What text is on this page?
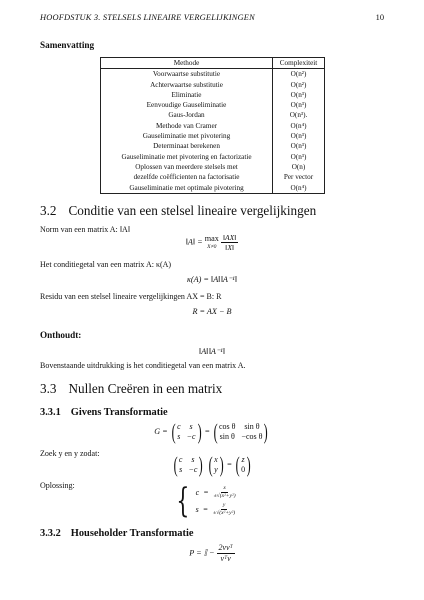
HOOFDSTUK 3. STELSELS LINEAIRE VERGELIJKINGEN	10
Samenvatting
Methode	Complexiteit
Voorwaartse substitutie	O(n²)
Achterwaartse substitutie	O(n²)
Eliminatie	O(n³)
Eenvoudige Gauseliminatie	O(n³)
Gaus-Jordan	O(n³).
Methode van Cramer	O(n⁴)
Gauseliminatie met pivotering	O(n³)
Determinaat berekenen	O(n³)
Gauseliminatie met pivotering en factorizatie	O(n³)
Oplossen van meerdere stelsels met	O(n)
dezelfde coëfficienten na factorisatie	Per vector
Gauseliminatie met optimale pivotering	O(n⁴)
3.2 Conditie van een stelsel lineaire vergelijkingen
Norm van een matrix A: ‖A‖
‖A‖ = max
X≠0
$\frac{‖AX‖}{‖X‖}$
Het conditiegetal van een matrix A: κ(A)
κ(A) = ‖A‖‖A⁻¹‖
Residu van een stelsel lineaire vergelijkingen AX = B: R
R = AX − B
Onthoudt:
‖A‖‖A⁻¹‖
Bovenstaande uitdrukking is het conditiegetal van een matrix A.
3.3 Nullen Creëren in een matrix
3.3.1 Givens Transformatie
G = ( c	s
s −c ) = ( cos θ	sin θ
sin θ −cos θ )
Zoek y en y zodat:	( c	s
s −c )
( x
y ) = ( z
0 )
Oplossing:	{ $c = \frac{x}{\text{±√(x²+y²)}}$
$s = \frac{y}{\text{±√(x²+y²)}}$
3.3.2 Householder Transformatie
P = 𝕀 − $\frac{\text{2vvᵀ}}{\text{vᵀv}}$
